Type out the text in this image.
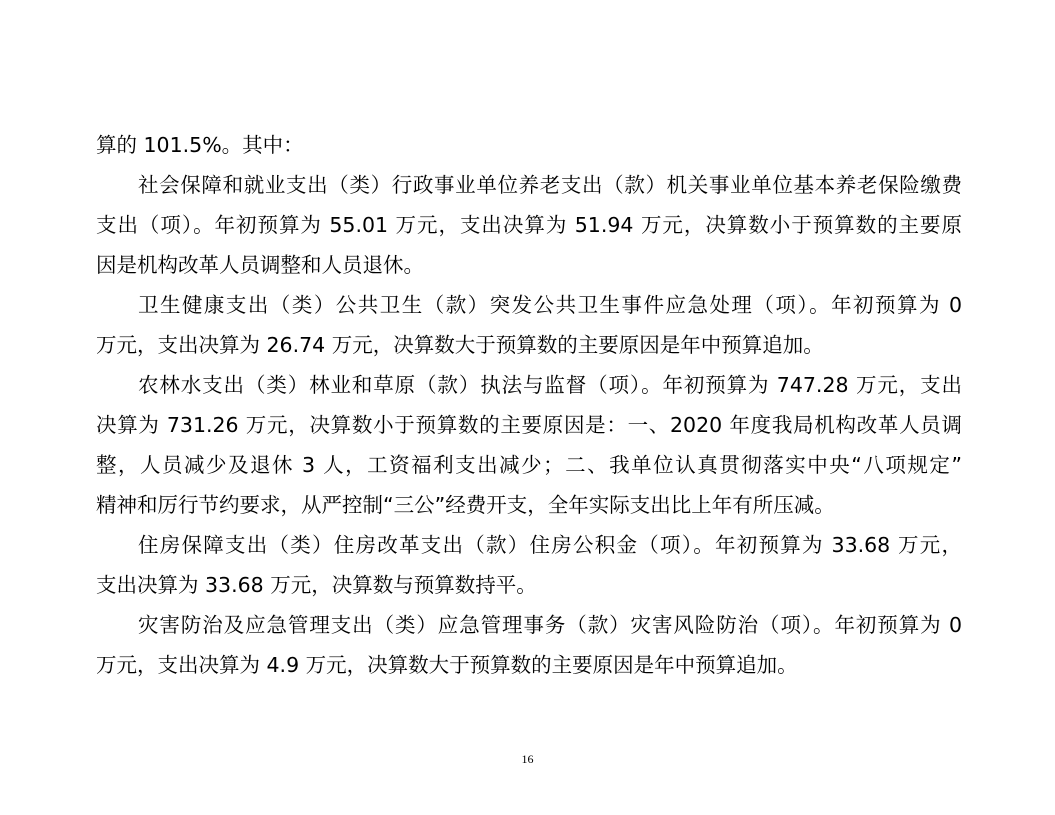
算的 101.5%。其中：
社会保障和就业支出（类）行政事业单位养老支出（款）机关事业单位基本养老保险缴费
支出（项）。年初预算为 55.01 万元，支出决算为 51.94 万元，决算数小于预算数的主要原
因是机构改革人员调整和人员退休。
卫生健康支出（类）公共卫生（款）突发公共卫生事件应急处理（项）。年初预算为 0
万元，支出决算为 26.74 万元，决算数大于预算数的主要原因是年中预算追加。
农林水支出（类）林业和草原（款）执法与监督（项）。年初预算为 747.28 万元，支出
决算为 731.26 万元，决算数小于预算数的主要原因是：一、2020 年度我局机构改革人员调
整，人员减少及退休 3 人，工资福利支出减少；二、我单位认真贯彻落实中央“八项规定”
精神和厉行节约要求，从严控制“三公”经费开支，全年实际支出比上年有所压减。
住房保障支出（类）住房改革支出（款）住房公积金（项）。年初预算为 33.68 万元，
支出决算为 33.68 万元，决算数与预算数持平。
灾害防治及应急管理支出（类）应急管理事务（款）灾害风险防治（项）。年初预算为 0
万元，支出决算为 4.9 万元，决算数大于预算数的主要原因是年中预算追加。
16
